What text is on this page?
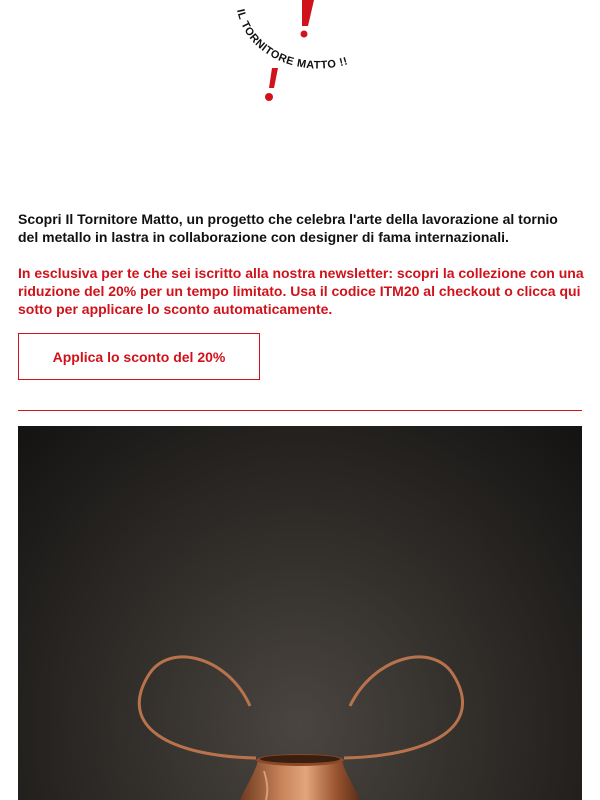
IL TORNITORE MATTO !!

Scopri Il Tornitore Matto, un progetto che celebra l'arte della lavorazione al tornio del metallo in lastra in collaborazione con designer di fama internazionali.

In esclusiva per te che sei iscritto alla nostra newsletter: scopri la collezione con una riduzione del 20% per un tempo limitato. Usa il codice ITM20 al checkout o clicca qui sotto per applicare lo sconto automaticamente.

Applica lo sconto del 20%
